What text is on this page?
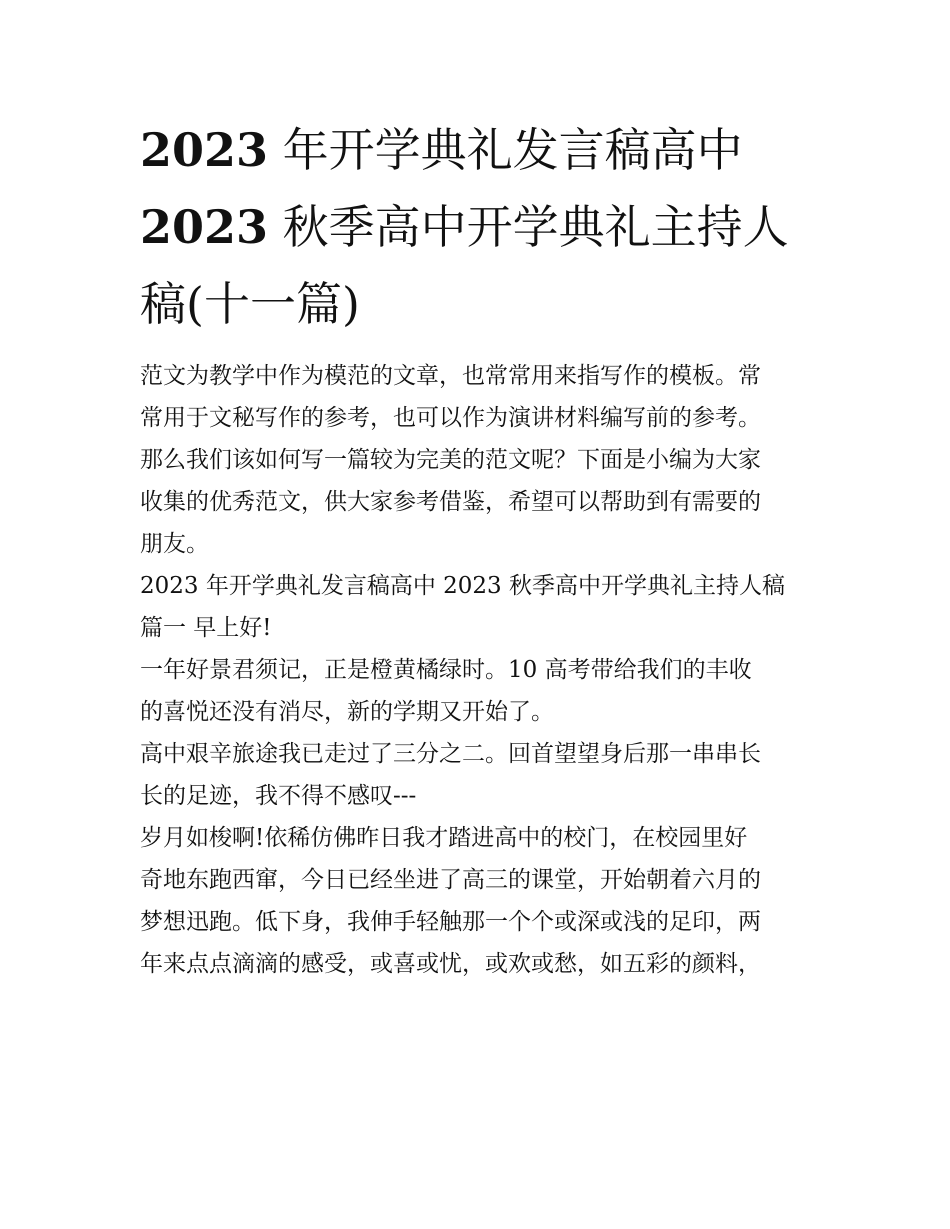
2023 年开学典礼发言稿高中
2023 秋季高中开学典礼主持人
稿(十一篇)

范文为教学中作为模范的文章，也常常用来指写作的模板。常
常用于文秘写作的参考，也可以作为演讲材料编写前的参考。
那么我们该如何写一篇较为完美的范文呢？下面是小编为大家
收集的优秀范文，供大家参考借鉴，希望可以帮助到有需要的
朋友。

2023 年开学典礼发言稿高中 2023 秋季高中开学典礼主持人稿

篇一 早上好!

一年好景君须记，正是橙黄橘绿时。10 高考带给我们的丰收
的喜悦还没有消尽，新的学期又开始了。

高中艰辛旅途我已走过了三分之二。回首望望身后那一串串长
长的足迹，我不得不感叹---

岁月如梭啊!依稀仿佛昨日我才踏进高中的校门，在校园里好
奇地东跑西窜，今日已经坐进了高三的课堂，开始朝着六月的
梦想迅跑。低下身，我伸手轻触那一个个或深或浅的足印，两
年来点点滴滴的感受，或喜或忧，或欢或愁，如五彩的颜料，
